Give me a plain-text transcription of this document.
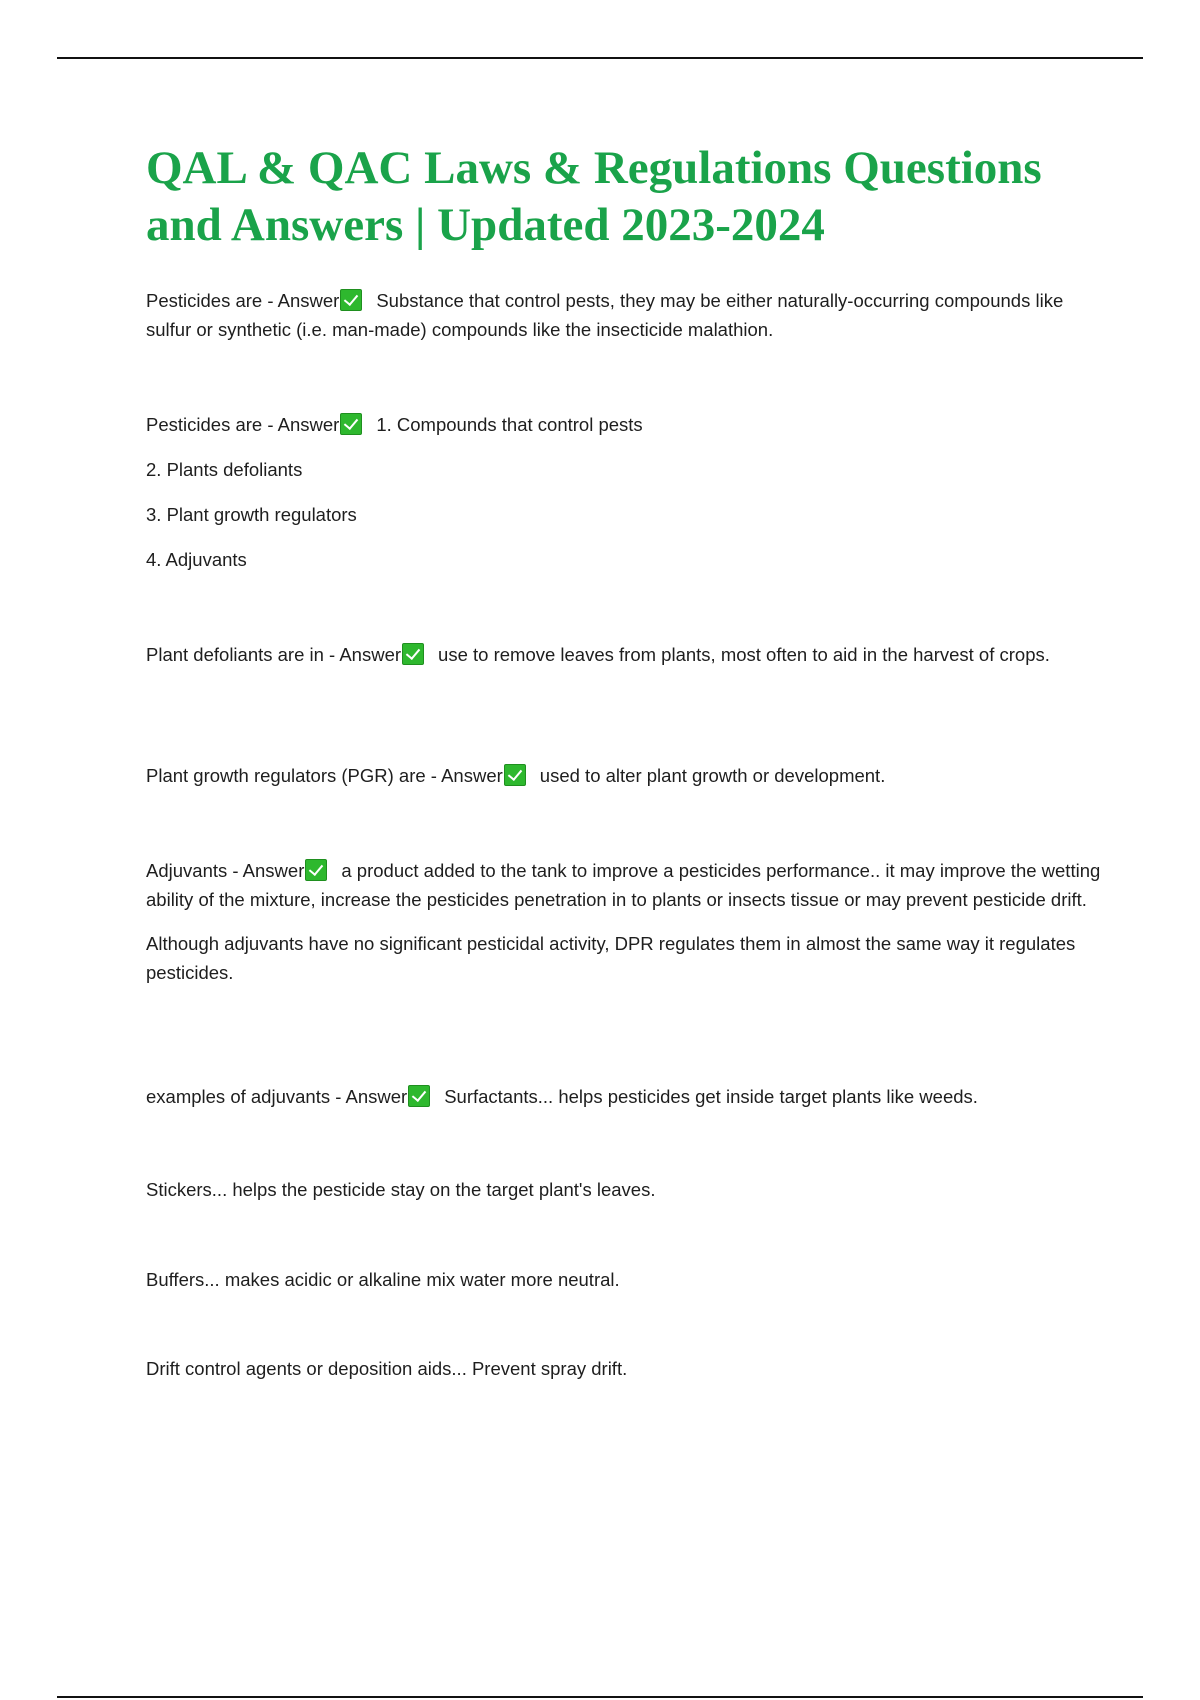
QAL & QAC Laws & Regulations Questions
and Answers | Updated 2023-2024

Pesticides are - Answer Substance that control pests, they may be either naturally-occurring compounds like sulfur or synthetic (i.e. man-made) compounds like the insecticide malathion.

Pesticides are - Answer 1. Compounds that control pests

2. Plants defoliants

3. Plant growth regulators

4. Adjuvants

Plant defoliants are in - Answer use to remove leaves from plants, most often to aid in the harvest of crops.

Plant growth regulators (PGR) are - Answer used to alter plant growth or development.

Adjuvants - Answer a product added to the tank to improve a pesticides performance.. it may improve the wetting ability of the mixture, increase the pesticides penetration in to plants or insects tissue or may prevent pesticide drift.

Although adjuvants have no significant pesticidal activity, DPR regulates them in almost the same way it regulates pesticides.

examples of adjuvants - Answer Surfactants... helps pesticides get inside target plants like weeds.

Stickers... helps the pesticide stay on the target plant's leaves.

Buffers... makes acidic or alkaline mix water more neutral.

Drift control agents or deposition aids... Prevent spray drift.
